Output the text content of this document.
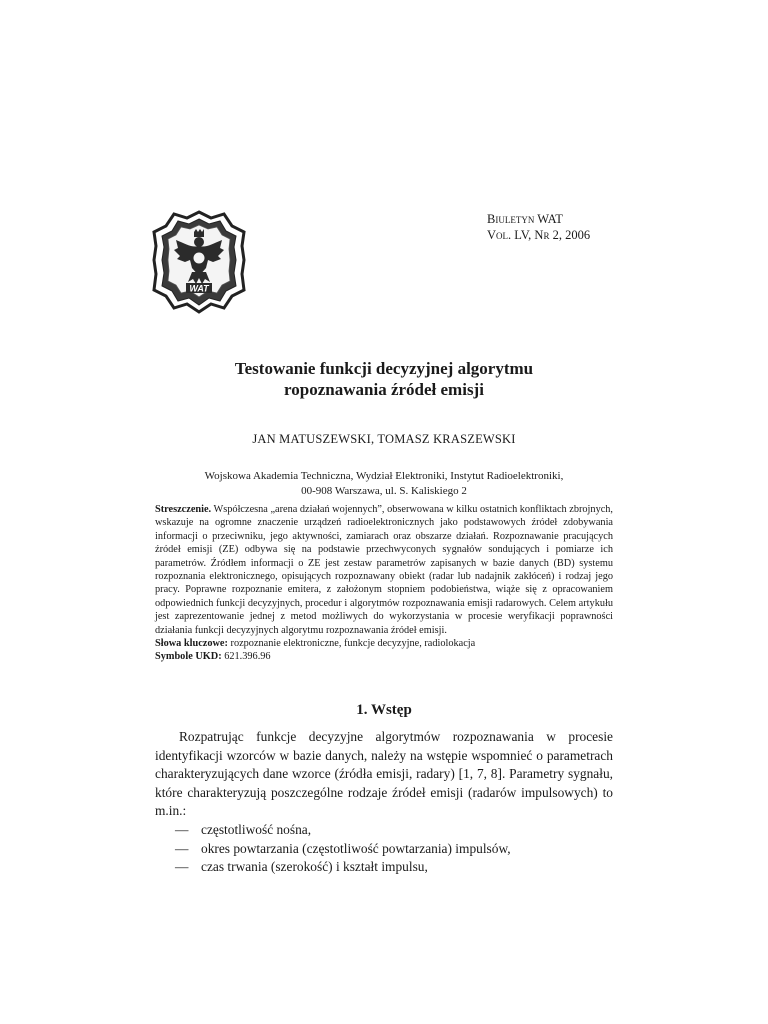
WAT
Biuletyn WAT
Vol. LV, Nr 2, 2006
Testowanie funkcji decyzyjnej algorytmu
ropoznawania źródeł emisji
JAN MATUSZEWSKI, TOMASZ KRASZEWSKI
Wojskowa Akademia Techniczna, Wydział Elektroniki, Instytut Radioelektroniki,
00-908 Warszawa, ul. S. Kaliskiego 2

Streszczenie. Współczesna „arena działań wojennych”, obserwowana w kilku ostatnich konfliktach zbrojnych, wskazuje na ogromne znaczenie urządzeń radioelektronicznych jako podstawowych źródeł zdobywania informacji o przeciwniku, jego aktywności, zamiarach oraz obszarze działań. Rozpoznawanie pracujących źródeł emisji (ZE) odbywa się na podstawie przechwyconych sygnałów sondujących i pomiarze ich parametrów. Źródłem informacji o ZE jest zestaw parametrów zapisanych w bazie danych (BD) systemu rozpoznania elektronicznego, opisujących rozpoznawany obiekt (radar lub nadajnik zakłóceń) i rodzaj jego pracy. Poprawne rozpoznanie emitera, z założonym stopniem podobieństwa, wiąże się z opracowaniem odpowiednich funkcji decyzyjnych, procedur i algorytmów rozpoznawania emisji radarowych. Celem artykułu jest zaprezentowanie jednej z metod możliwych do wykorzystania w procesie weryfikacji poprawności działania funkcji decyzyjnych algorytmu rozpoznawania źródeł emisji.

Słowa kluczowe: rozpoznanie elektroniczne, funkcje decyzyjne, radiolokacja

Symbole UKD: 621.396.96

1. Wstęp

Rozpatrując funkcje decyzyjne algorytmów rozpoznawania w procesie identyfikacji wzorców w bazie danych, należy na wstępie wspomnieć o parametrach charakteryzujących dane wzorce (źródła emisji, radary) [1, 7, 8]. Parametry sygnału, które charakteryzują poszczególne rodzaje źródeł emisji (radarów impulsowych) to m.in.:

— częstotliwość nośna,
— okres powtarzania (częstotliwość powtarzania) impulsów,
— czas trwania (szerokość) i kształt impulsu,
